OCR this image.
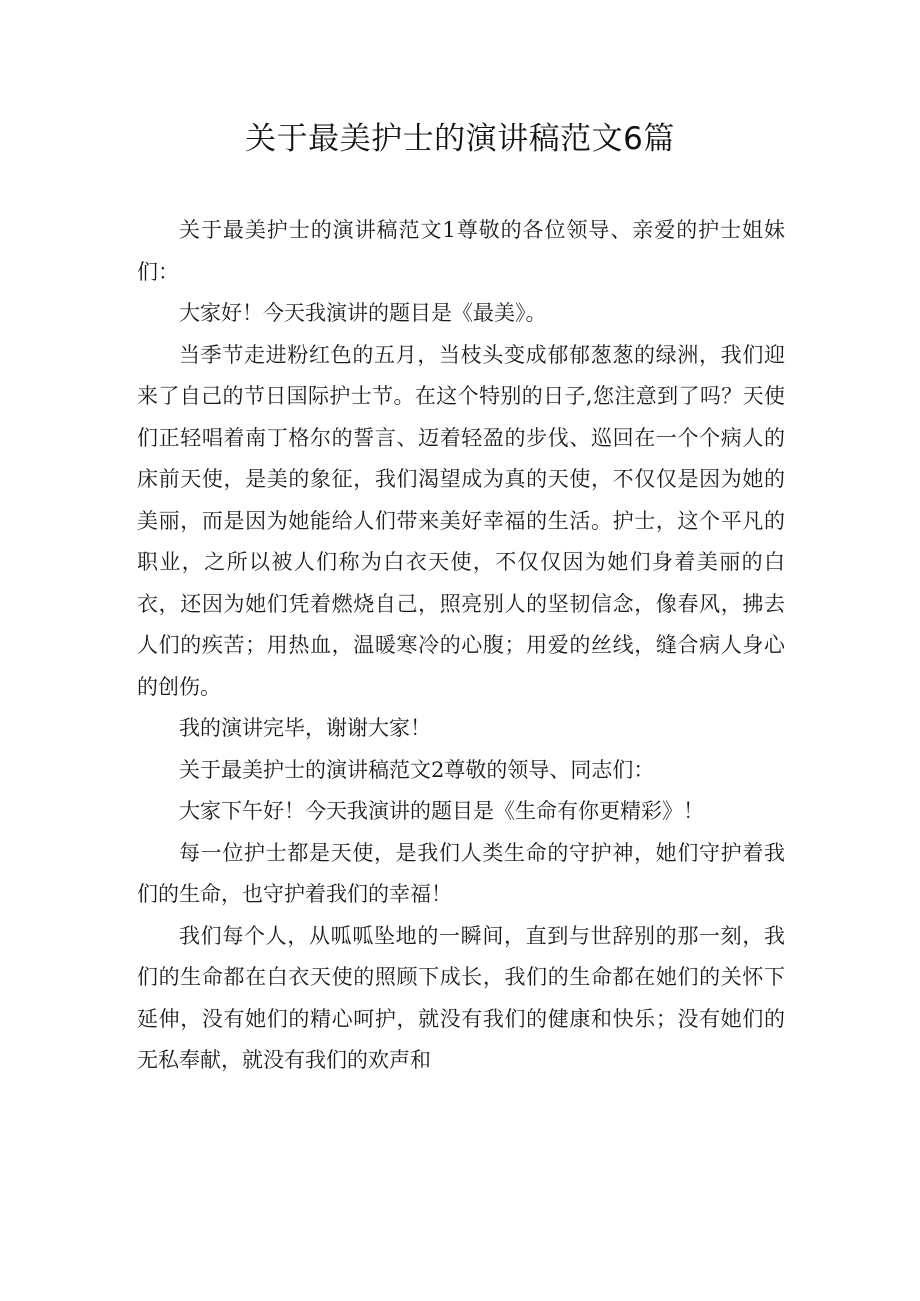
关于最美护士的演讲稿范文6篇

关于最美护士的演讲稿范文1尊敬的各位领导、亲爱的护士姐妹们：

大家好！今天我演讲的题目是《最美》。

当季节走进粉红色的五月，当枝头变成郁郁葱葱的绿洲，我们迎来了自己的节日国际护士节。在这个特别的日子,您注意到了吗？天使们正轻唱着南丁格尔的誓言、迈着轻盈的步伐、巡回在一个个病人的床前天使，是美的象征，我们渴望成为真的天使，不仅仅是因为她的美丽，而是因为她能给人们带来美好幸福的生活。护士，这个平凡的职业，之所以被人们称为白衣天使，不仅仅因为她们身着美丽的白衣，还因为她们凭着燃烧自己，照亮别人的坚韧信念，像春风，拂去人们的疾苦；用热血，温暖寒冷的心腹；用爱的丝线，缝合病人身心的创伤。

我的演讲完毕，谢谢大家！

关于最美护士的演讲稿范文2尊敬的领导、同志们：

大家下午好！今天我演讲的题目是《生命有你更精彩》！

每一位护士都是天使，是我们人类生命的守护神，她们守护着我们的生命，也守护着我们的幸福！

我们每个人，从呱呱坠地的一瞬间，直到与世辞别的那一刻，我们的生命都在白衣天使的照顾下成长，我们的生命都在她们的关怀下延伸，没有她们的精心呵护，就没有我们的健康和快乐；没有她们的无私奉献，就没有我们的欢声和
